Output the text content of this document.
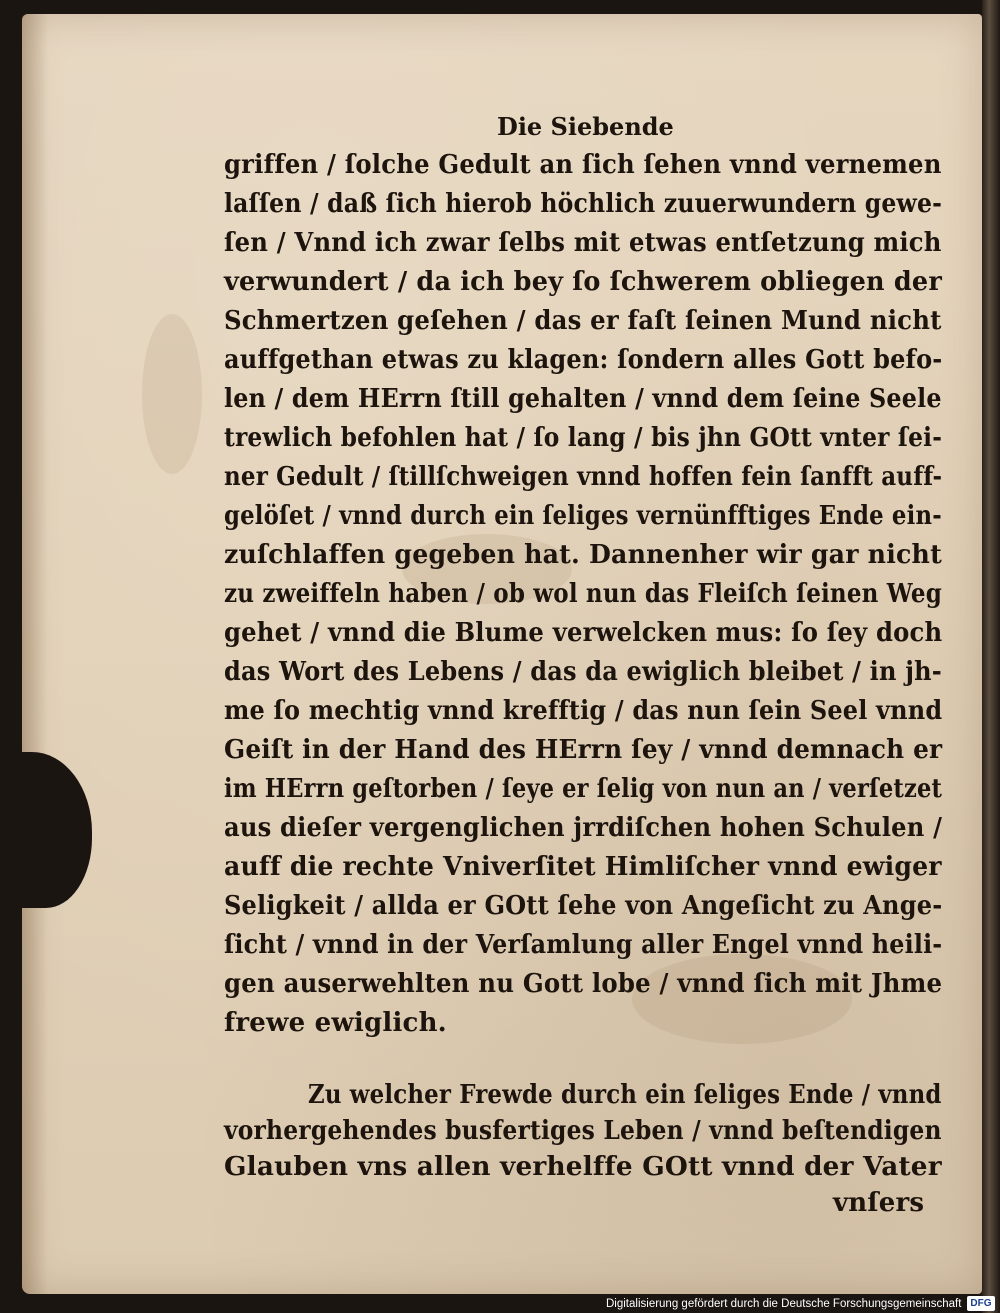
Die Siebende

griffen / ſolche Gedult an ſich ſehen vnnd vernemen

laſſen / daß ſich hierob höchlich zuuerwundern gewe-

ſen / Vnnd ich zwar ſelbs mit etwas entſetzung mich

verwundert / da ich bey ſo ſchwerem obliegen der

Schmertzen geſehen / das er faſt ſeinen Mund nicht

auffgethan etwas zu klagen: ſondern alles Gott befo-

len / dem HErrn ſtill gehalten / vnnd dem ſeine Seele

trewlich befohlen hat / ſo lang / bis jhn GOtt vnter ſei-

ner Gedult / ſtillſchweigen vnnd hoffen fein ſanfft auff-

gelöſet / vnnd durch ein ſeliges vernünfftiges Ende ein-

zuſchlaffen gegeben hat. Dannenher wir gar nicht

zu zweiffeln haben / ob wol nun das Fleiſch ſeinen Weg

gehet / vnnd die Blume verwelcken mus: ſo ſey doch

das Wort des Lebens / das da ewiglich bleibet / in jh-

me ſo mechtig vnnd krefftig / das nun ſein Seel vnnd

Geiſt in der Hand des HErrn ſey / vnnd demnach er

im HErrn geſtorben / ſeye er ſelig von nun an / verſetzet

aus dieſer vergenglichen jrrdiſchen hohen Schulen /

auff die rechte Vniverſitet Himliſcher vnnd ewiger

Seligkeit / allda er GOtt ſehe von Angeſicht zu Ange-

ſicht / vnnd in der Verſamlung aller Engel vnnd heili-

gen auserwehlten nu Gott lobe / vnnd ſich mit Jhme

frewe ewiglich.

Zu welcher Frewde durch ein ſeliges Ende / vnnd

vorhergehendes busfertiges Leben / vnnd beſtendigen

Glauben vns allen verhelffe GOtt vnnd der Vater

vnſers

Digitalisierung gefördert durch die Deutsche Forschungsgemeinschaft DFG
